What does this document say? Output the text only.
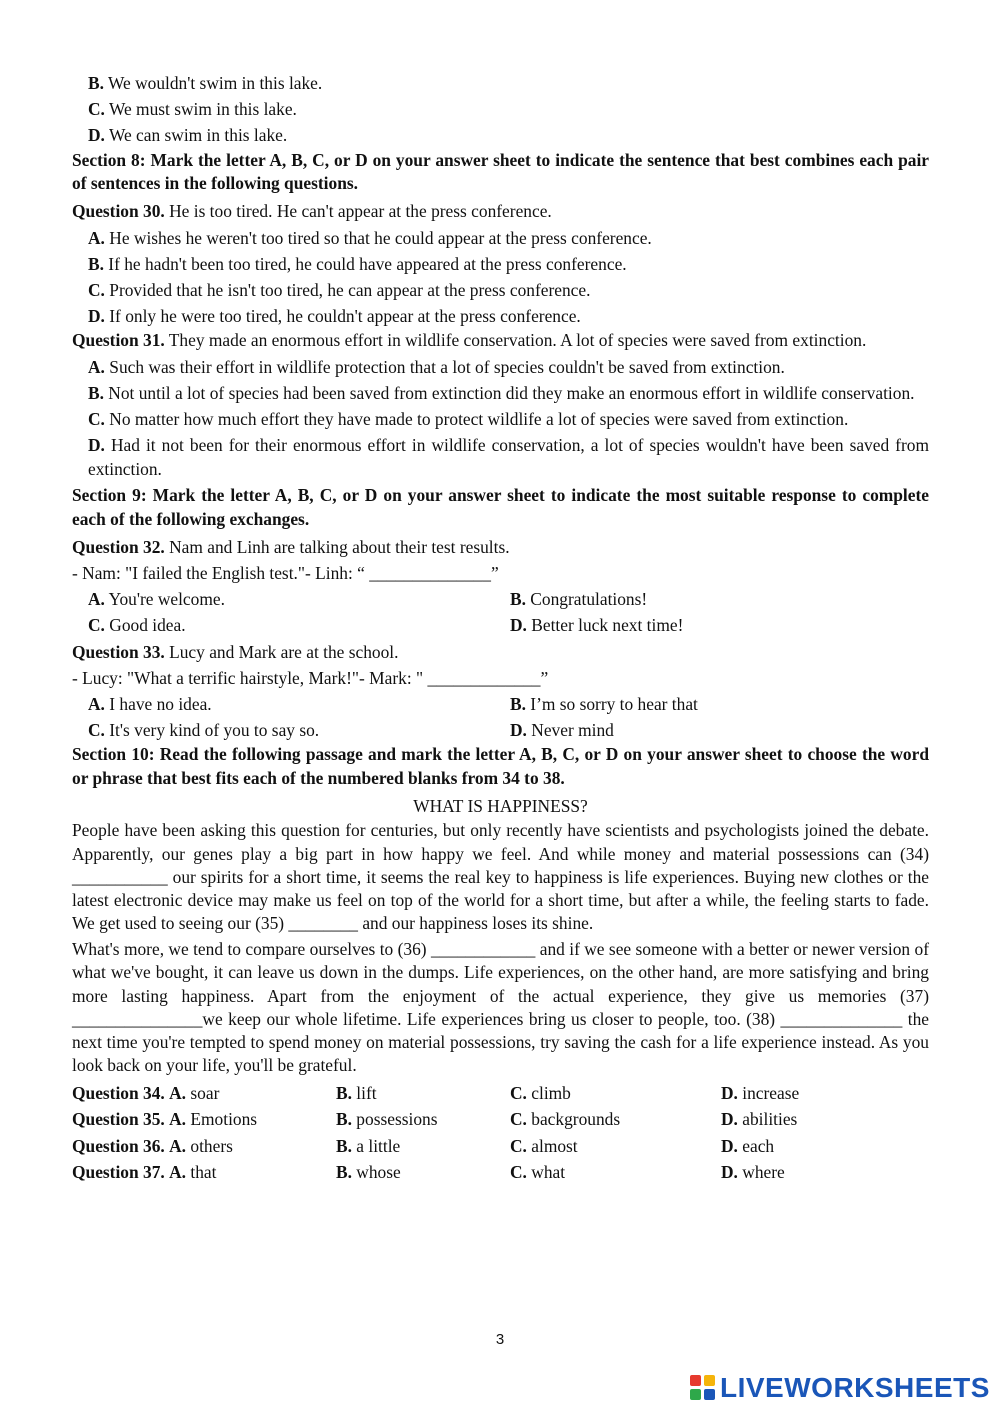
B. We wouldn't swim in this lake.
C. We must swim in this lake.
D. We can swim in this lake.
Section 8: Mark the letter A, B, C, or D on your answer sheet to indicate the sentence that best combines each pair of sentences in the following questions.
Question 30. He is too tired. He can't appear at the press conference.
A. He wishes he weren't too tired so that he could appear at the press conference.
B. If he hadn't been too tired, he could have appeared at the press conference.
C. Provided that he isn't too tired, he can appear at the press conference.
D. If only he were too tired, he couldn't appear at the press conference.
Question 31. They made an enormous effort in wildlife conservation. A lot of species were saved from extinction.
A. Such was their effort in wildlife protection that a lot of species couldn't be saved from extinction.
B. Not until a lot of species had been saved from extinction did they make an enormous effort in wildlife conservation.
C. No matter how much effort they have made to protect wildlife a lot of species were saved from extinction.
D. Had it not been for their enormous effort in wildlife conservation, a lot of species wouldn't have been saved from extinction.
Section 9: Mark the letter A, B, C, or D on your answer sheet to indicate the most suitable response to complete each of the following exchanges.
Question 32. Nam and Linh are talking about their test results.
- Nam: "I failed the English test."- Linh: “ ______________”
A. You're welcome.	B. Congratulations!
C. Good idea.	D. Better luck next time!
Question 33. Lucy and Mark are at the school.
- Lucy: "What a terrific hairstyle, Mark!"- Mark: " _____________”
A. I have no idea.	B. I’m so sorry to hear that
C. It's very kind of you to say so.	D. Never mind
Section 10: Read the following passage and mark the letter A, B, C, or D on your answer sheet to choose the word or phrase that best fits each of the numbered blanks from 34 to 38.
WHAT IS HAPPINESS?
People have been asking this question for centuries, but only recently have scientists and psychologists joined the debate. Apparently, our genes play a big part in how happy we feel. And while money and material possessions can (34) ___________ our spirits for a short time, it seems the real key to happiness is life experiences. Buying new clothes or the latest electronic device may make us feel on top of the world for a short time, but after a while, the feeling starts to fade. We get used to seeing our (35) ________ and our happiness loses its shine.
What's more, we tend to compare ourselves to (36) ____________ and if we see someone with a better or newer version of what we've bought, it can leave us down in the dumps. Life experiences, on the other hand, are more satisfying and bring more lasting happiness. Apart from the enjoyment of the actual experience, they give us memories (37) _______________we keep our whole lifetime. Life experiences bring us closer to people, too. (38) ______________ the next time you're tempted to spend money on material possessions, try saving the cash for a life experience instead. As you look back on your life, you'll be grateful.
Question 34. A. soar	B. lift	C. climb	D. increase
Question 35. A. Emotions	B. possessions	C. backgrounds	D. abilities
Question 36. A. others	B. a little	C. almost	D. each
Question 37. A. that	B. whose	C. what	D. where
3
LIVEWORKSHEETS
